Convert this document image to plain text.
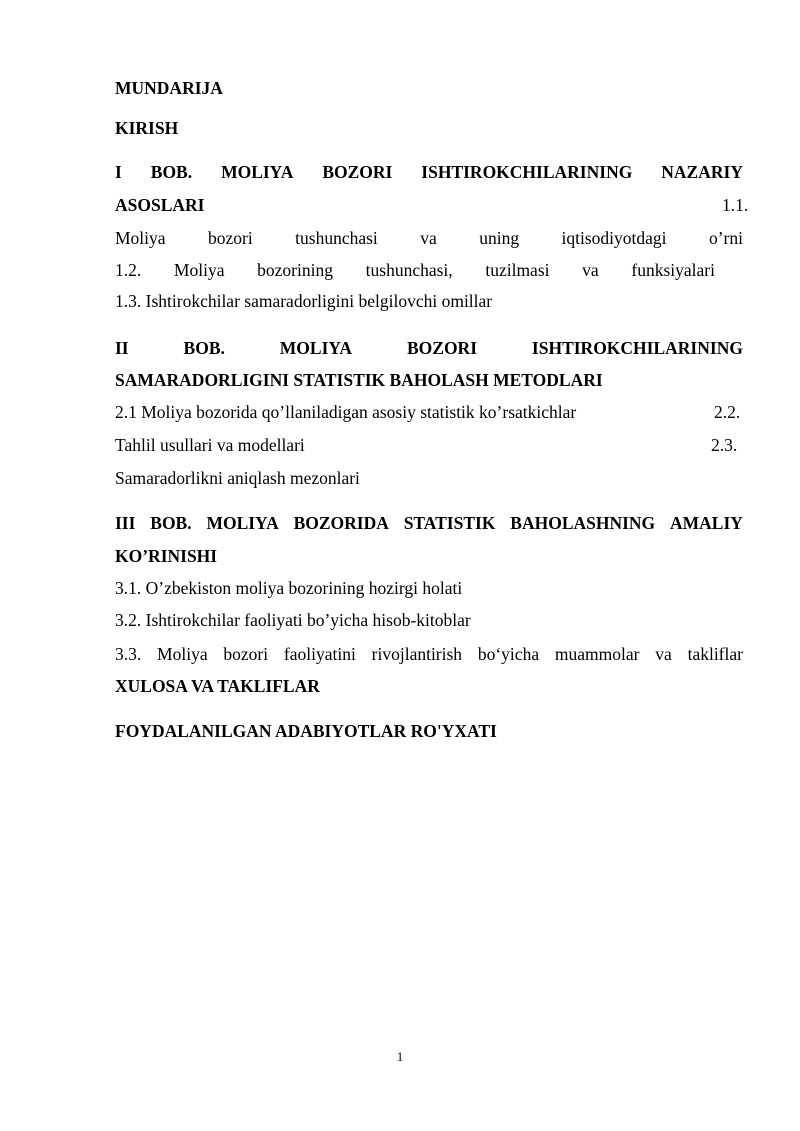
MUNDARIJA
KIRISH
I BOB. MOLIYA BOZORI ISHTIROKCHILARINING NAZARIY
ASOSLARI	1.1.
Moliya bozori tushunchasi va uning iqtisodiyotdagi o’rni
1.2. Moliya bozorining tushunchasi, tuzilmasi va funksiyalari
1.3. Ishtirokchilar samaradorligini belgilovchi omillar
II	BOB.	MOLIYA	BOZORI	ISHTIROKCHILARINING
SAMARADORLIGINI STATISTIK BAHOLASH METODLARI
2.1 Moliya bozorida qo’llaniladigan asosiy statistik ko’rsatkichlar	2.2.
Tahlil usullari va modellari	2.3.
Samaradorlikni aniqlash mezonlari
III BOB. MOLIYA BOZORIDA STATISTIK BAHOLASHNING AMALIY
KO’RINISHI
3.1. O’zbekiston moliya bozorining hozirgi holati
3.2. Ishtirokchilar faoliyati bo’yicha hisob-kitoblar
3.3. Moliya bozori faoliyatini rivojlantirish bo‘yicha muammolar va takliflar
XULOSA VA TAKLIFLAR
FOYDALANILGAN ADABIYOTLAR RO'YXATI
1
